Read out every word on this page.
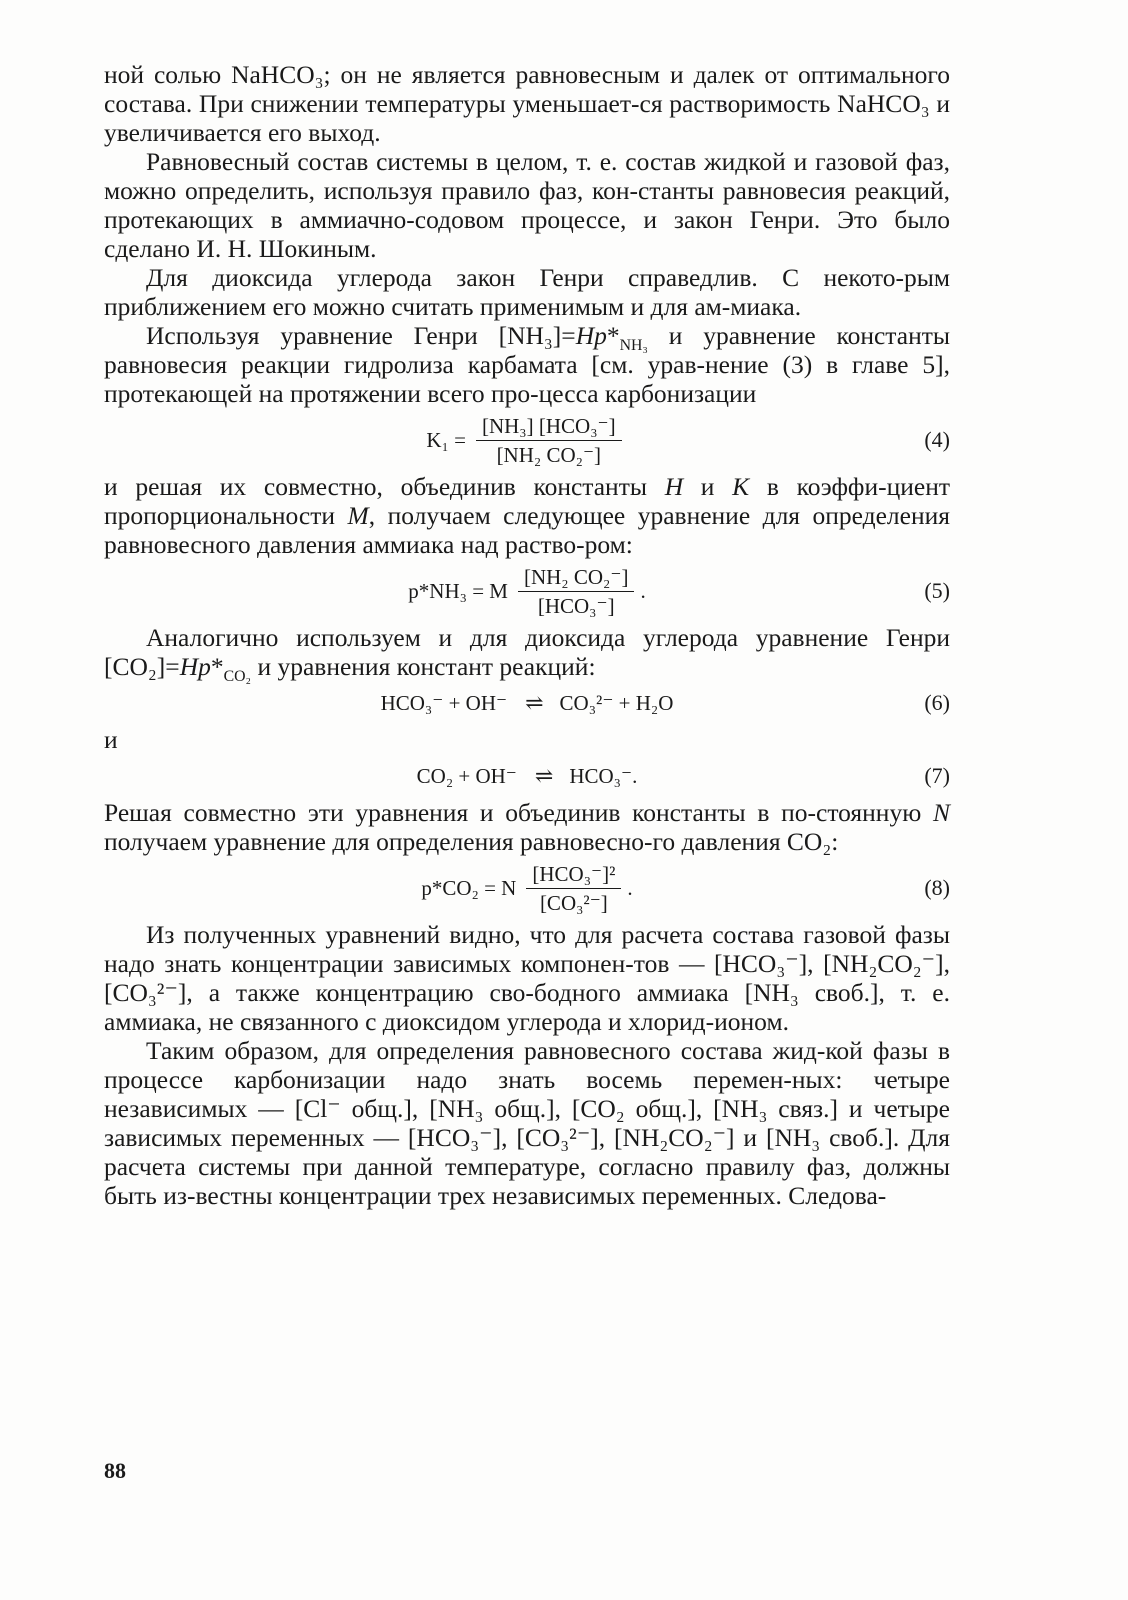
ной солью NaHCO₃; он не является равновесным и далек от оптимального состава. При снижении температуры уменьшает-ся растворимость NaHCO₃ и увеличивается его выход.

Равновесный состав системы в целом, т. е. состав жидкой и газовой фаз, можно определить, используя правило фаз, кон-станты равновесия реакций, протекающих в аммиачно-содовом процессе, и закон Генри. Это было сделано И. Н. Шокиным.

Для диоксида углерода закон Генри справедлив. С некото-рым приближением его можно считать применимым и для ам-миака.

Используя уравнение Генри $[NH_3]=Hp*_{NH_3}$ и уравнение константы равновесия реакции гидролиза карбамата [см. урав-нение (3) в главе 5], протекающей на протяжении всего про-цесса карбонизации

$K_1 = \frac{\text{[NH₃] [HCO₃⁻]}}{\text{[NH₂ CO₂⁻]}}$	(4)

и решая их совместно, объединив константы H и K в коэффи-циент пропорциональности M, получаем следующее уравнение для определения равновесного давления аммиака над раство-ром:

p*NH₃ = M $\frac{\text{[NH₂ CO₂⁻]}}{\text{[HCO₃⁻]}}$ .	(5)

Аналогично используем и для диоксида углерода уравнение Генри $[CO_2]=Hp*_{CO_2}$ и уравнения констант реакций:

HCO₃⁻ + OH⁻ ⇌ CO₃²⁻ + H₂O	(6)

и

CO₂ + OH⁻ ⇌ HCO₃⁻.	(7)

Решая совместно эти уравнения и объединив константы в по-стоянную N получаем уравнение для определения равновесно-го давления CO₂:

p*CO₂ = N $\frac{\text{[HCO₃⁻]²}}{\text{[CO₃²⁻]}}$ .	(8)

Из полученных уравнений видно, что для расчета состава газовой фазы надо знать концентрации зависимых компонен-тов — [HCO₃⁻], [NH₂CO₂⁻], [CO₃²⁻], а также концентрацию сво-бодного аммиака [NH₃ своб.], т. е. аммиака, не связанного с диоксидом углерода и хлорид-ионом.

Таким образом, для определения равновесного состава жид-кой фазы в процессе карбонизации надо знать восемь перемен-ных: четыре независимых — [Cl⁻ общ.], [NH₃ общ.], [CO₂ общ.], [NH₃ связ.] и четыре зависимых переменных — [HCO₃⁻], [CO₃²⁻], [NH₂CO₂⁻] и [NH₃ своб.]. Для расчета системы при данной температуре, согласно правилу фаз, должны быть из-вестны концентрации трех независимых переменных. Следова-

88
